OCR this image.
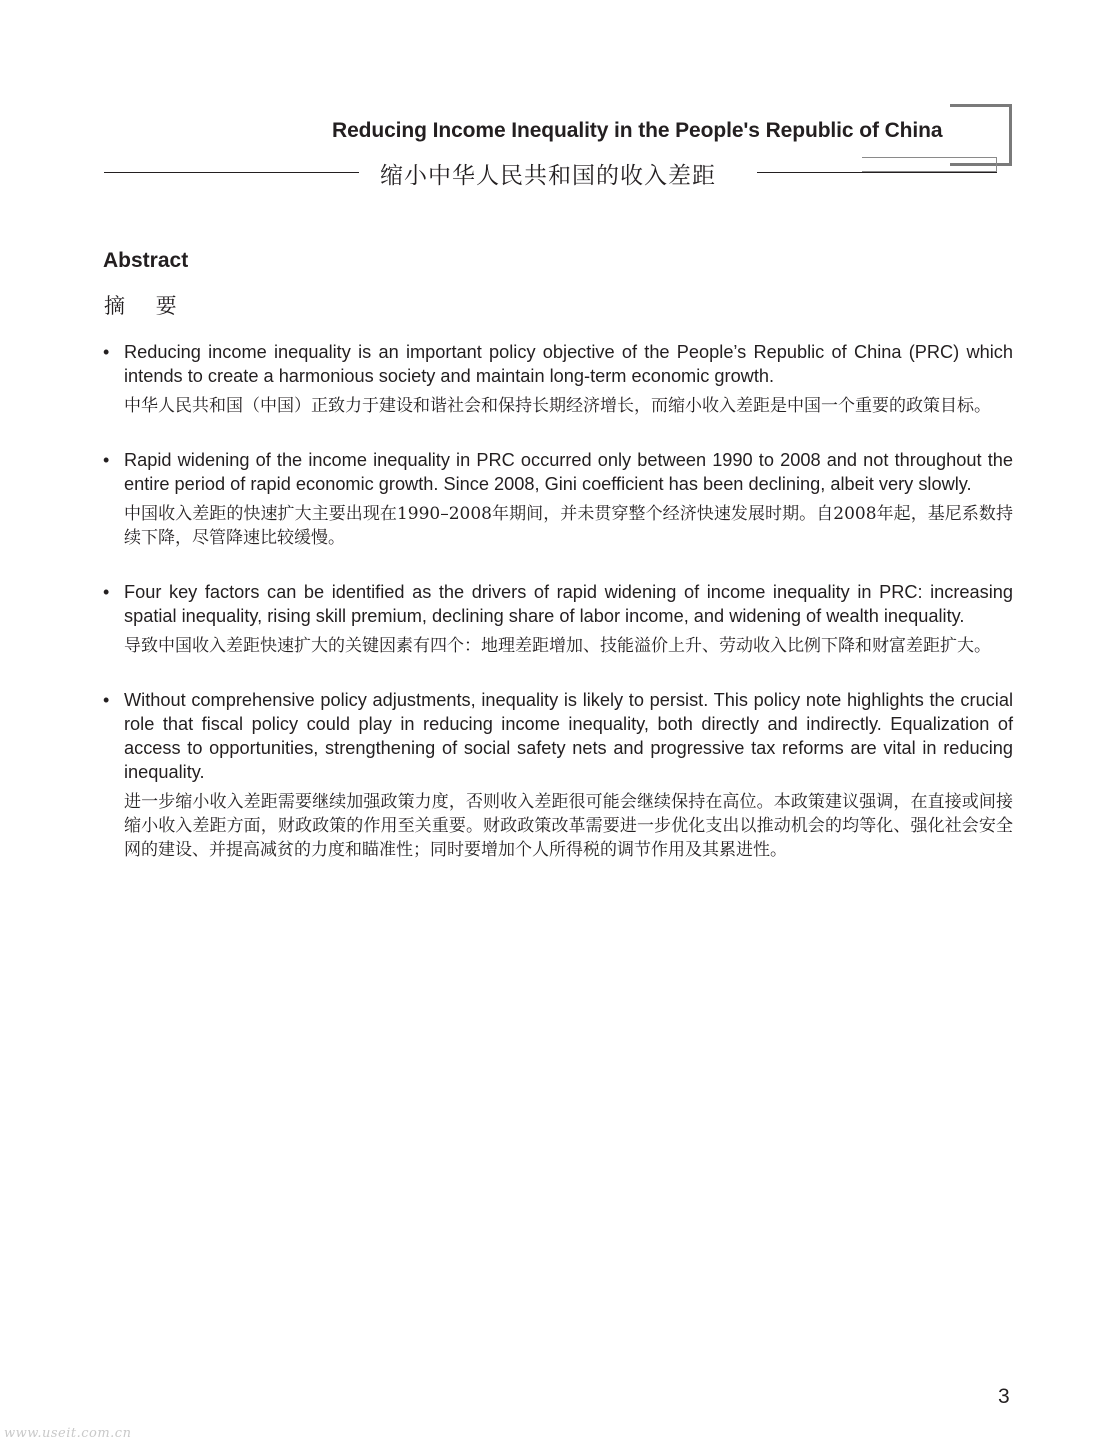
Reducing Income Inequality in the People's Republic of China
缩小中华人民共和国的收入差距
Abstract
摘 要
• Reducing income inequality is an important policy objective of the People’s Republic of China (PRC) which intends to create a harmonious society and maintain long-term economic growth.
中华人民共和国（中国）正致力于建设和谐社会和保持长期经济增长，而缩小收入差距是中国一个重要的政策目标。
• Rapid widening of the income inequality in PRC occurred only between 1990 to 2008 and not throughout the entire period of rapid economic growth. Since 2008, Gini coefficient has been declining, albeit very slowly.
中国收入差距的快速扩大主要出现在1990–2008年期间，并未贯穿整个经济快速发展时期。自2008年起，基尼系数持续下降，尽管降速比较缓慢。
• Four key factors can be identified as the drivers of rapid widening of income inequality in PRC: increasing spatial inequality, rising skill premium, declining share of labor income, and widening of wealth inequality.
导致中国收入差距快速扩大的关键因素有四个：地理差距增加、技能溢价上升、劳动收入比例下降和财富差距扩大。
• Without comprehensive policy adjustments, inequality is likely to persist. This policy note highlights the crucial role that fiscal policy could play in reducing income inequality, both directly and indirectly. Equalization of access to opportunities, strengthening of social safety nets and progressive tax reforms are vital in reducing inequality.
进一步缩小收入差距需要继续加强政策力度，否则收入差距很可能会继续保持在高位。本政策建议强调，在直接或间接缩小收入差距方面，财政政策的作用至关重要。财政政策改革需要进一步优化支出以推动机会的均等化、强化社会安全网的建设、并提高减贫的力度和瞄准性；同时要增加个人所得税的调节作用及其累进性。
3
www.useit.com.cn
